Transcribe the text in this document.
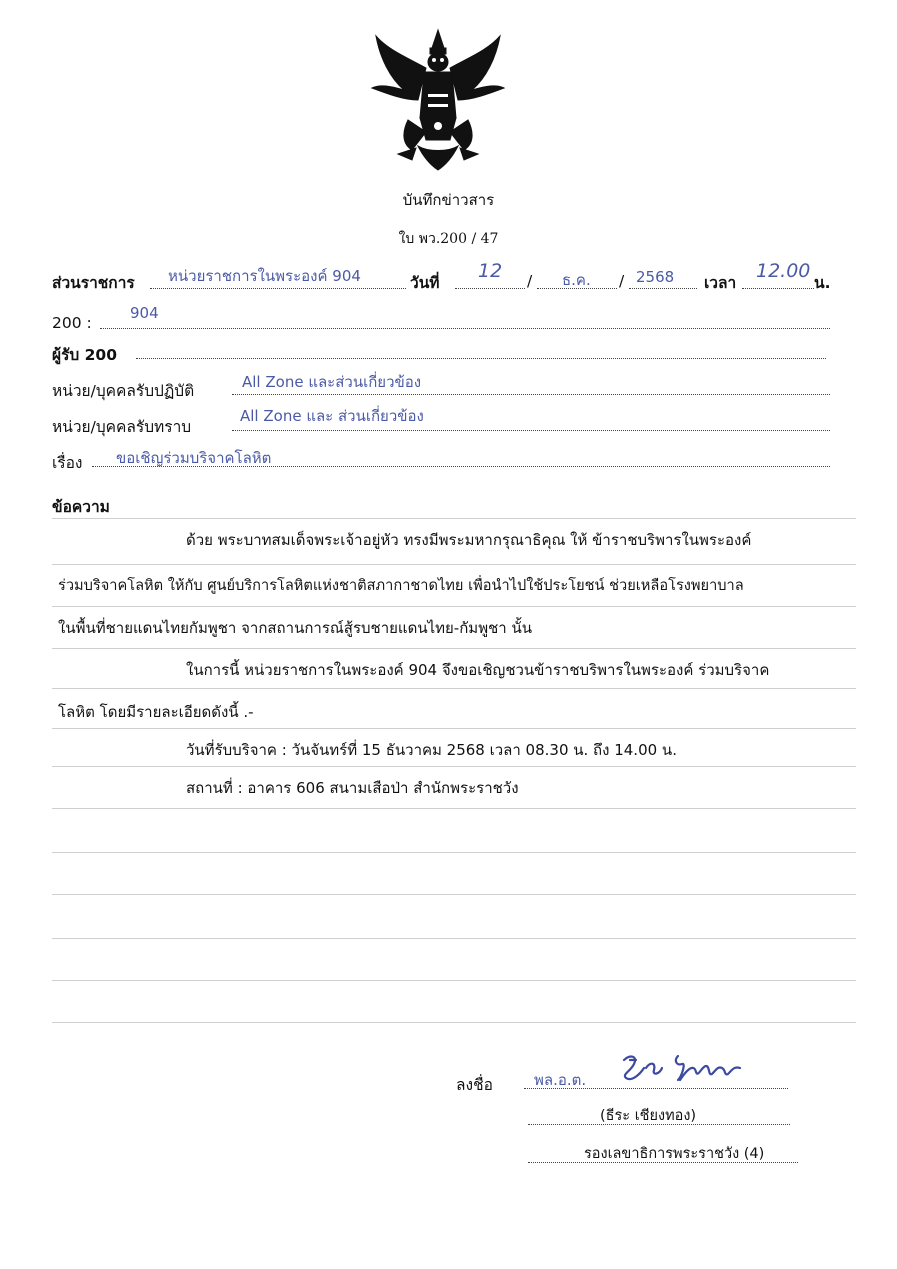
บันทึกข่าวสาร
ใบ พว.200 / 47
ส่วนราชการ หน่วยราชการในพระองค์ 904	วันที่
12 / ธ.ค. / 2568 เวลา
12.00
น.
200 :
904
ผู้รับ 200
หน่วย/บุคคลรับปฏิบัติ	All Zone และส่วนเกี่ยวข้อง
หน่วย/บุคคลรับทราบ
All Zone และ ส่วนเกี่ยวข้อง
เรื่อง ขอเชิญร่วมบริจาคโลหิต
ข้อความ
ด้วย พระบาทสมเด็จพระเจ้าอยู่หัว ทรงมีพระมหากรุณาธิคุณ ให้ ข้าราชบริพารในพระองค์
ร่วมบริจาคโลหิต ให้กับ ศูนย์บริการโลหิตแห่งชาติสภากาชาดไทย เพื่อนำไปใช้ประโยชน์ ช่วยเหลือโรงพยาบาล
ในพื้นที่ชายแดนไทยกัมพูชา จากสถานการณ์สู้รบชายแดนไทย-กัมพูชา นั้น
ในการนี้ หน่วยราชการในพระองค์ 904 จึงขอเชิญชวนข้าราชบริพารในพระองค์ ร่วมบริจาค
โลหิต โดยมีรายละเอียดดังนี้ .-
วันที่รับบริจาค : วันจันทร์ที่ 15 ธันวาคม 2568 เวลา 08.30 น. ถึง 14.00 น.
สถานที่ : อาคาร 606 สนามเสือป่า สำนักพระราชวัง
ลงชื่อ	พล.อ.ต.
(ธีระ เชียงทอง)
รองเลขาธิการพระราชวัง (4)
